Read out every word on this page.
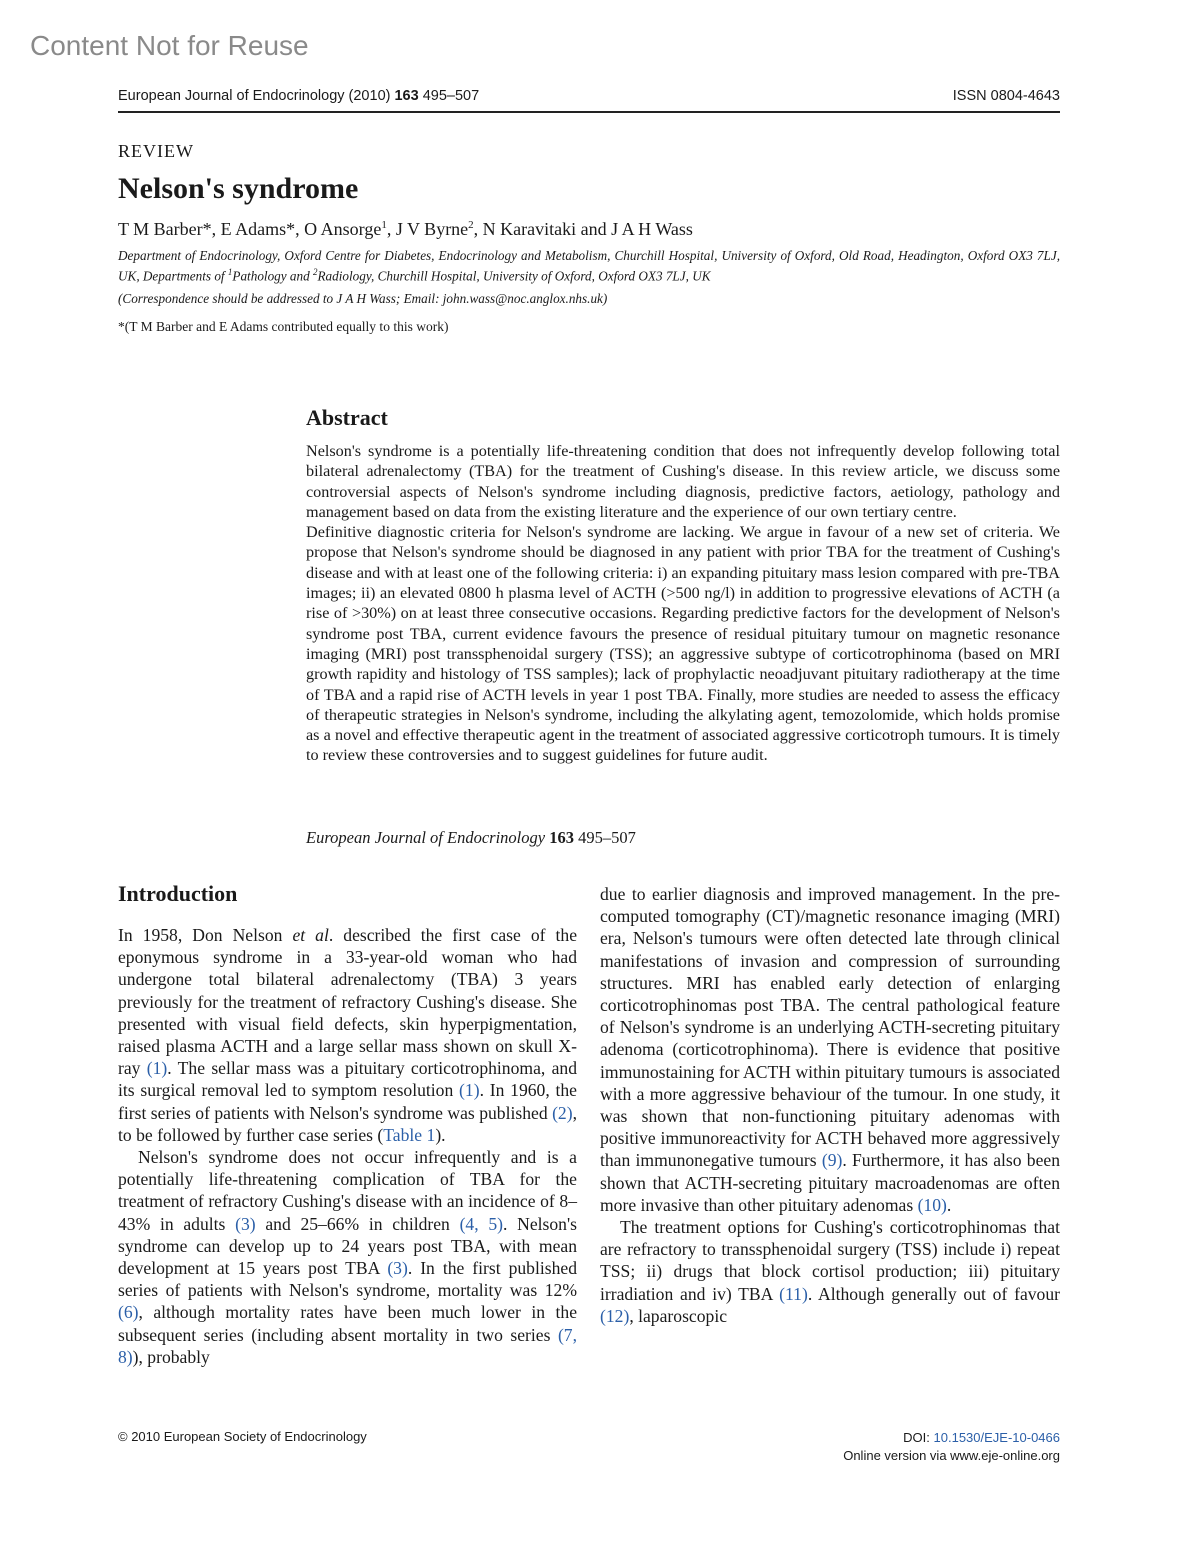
Content Not for Reuse
European Journal of Endocrinology (2010) 163 495–507	ISSN 0804-4643
REVIEW
Nelson's syndrome
T M Barber*, E Adams*, O Ansorge$^1$, J V Byrne$^2$, N Karavitaki and J A H Wass
Department of Endocrinology, Oxford Centre for Diabetes, Endocrinology and Metabolism, Churchill Hospital, University of Oxford, Old Road, Headington, Oxford OX3 7LJ, UK, Departments of $^1$Pathology and $^2$Radiology, Churchill Hospital, University of Oxford, Oxford OX3 7LJ, UK
(Correspondence should be addressed to J A H Wass; Email: john.wass@noc.anglox.nhs.uk)
*(T M Barber and E Adams contributed equally to this work)
Abstract

Nelson's syndrome is a potentially life-threatening condition that does not infrequently develop following total bilateral adrenalectomy (TBA) for the treatment of Cushing's disease. In this review article, we discuss some controversial aspects of Nelson's syndrome including diagnosis, predictive factors, aetiology, pathology and management based on data from the existing literature and the experience of our own tertiary centre.

Definitive diagnostic criteria for Nelson's syndrome are lacking. We argue in favour of a new set of criteria. We propose that Nelson's syndrome should be diagnosed in any patient with prior TBA for the treatment of Cushing's disease and with at least one of the following criteria: i) an expanding pituitary mass lesion compared with pre-TBA images; ii) an elevated 0800 h plasma level of ACTH (>500 ng/l) in addition to progressive elevations of ACTH (a rise of >30%) on at least three consecutive occasions. Regarding predictive factors for the development of Nelson's syndrome post TBA, current evidence favours the presence of residual pituitary tumour on magnetic resonance imaging (MRI) post transsphenoidal surgery (TSS); an aggressive subtype of corticotrophinoma (based on MRI growth rapidity and histology of TSS samples); lack of prophylactic neoadjuvant pituitary radiotherapy at the time of TBA and a rapid rise of ACTH levels in year 1 post TBA. Finally, more studies are needed to assess the efficacy of therapeutic strategies in Nelson's syndrome, including the alkylating agent, temozolomide, which holds promise as a novel and effective therapeutic agent in the treatment of associated aggressive corticotroph tumours. It is timely to review these controversies and to suggest guidelines for future audit.

European Journal of Endocrinology 163 495–507
Introduction

In 1958, Don Nelson et al. described the first case of the eponymous syndrome in a 33-year-old woman who had undergone total bilateral adrenalectomy (TBA) 3 years previously for the treatment of refractory Cushing's disease. She presented with visual field defects, skin hyperpigmentation, raised plasma ACTH and a large sellar mass shown on skull X-ray (1). The sellar mass was a pituitary corticotrophinoma, and its surgical removal led to symptom resolution (1). In 1960, the first series of patients with Nelson's syndrome was published (2), to be followed by further case series (Table 1).

Nelson's syndrome does not occur infrequently and is a potentially life-threatening complication of TBA for the treatment of refractory Cushing's disease with an incidence of 8–43% in adults (3) and 25–66% in children (4, 5). Nelson's syndrome can develop up to 24 years post TBA, with mean development at 15 years post TBA (3). In the first published series of patients with Nelson's syndrome, mortality was 12% (6), although mortality rates have been much lower in the subsequent series (including absent mortality in two series (7, 8)), probably

due to earlier diagnosis and improved management. In the pre-computed tomography (CT)/magnetic resonance imaging (MRI) era, Nelson's tumours were often detected late through clinical manifestations of invasion and compression of surrounding structures. MRI has enabled early detection of enlarging corticotrophinomas post TBA. The central pathological feature of Nelson's syndrome is an underlying ACTH-secreting pituitary adenoma (corticotrophinoma). There is evidence that positive immunostaining for ACTH within pituitary tumours is associated with a more aggressive behaviour of the tumour. In one study, it was shown that non-functioning pituitary adenomas with positive immunoreactivity for ACTH behaved more aggressively than immunonegative tumours (9). Furthermore, it has also been shown that ACTH-secreting pituitary macroadenomas are often more invasive than other pituitary adenomas (10).

The treatment options for Cushing's corticotrophinomas that are refractory to transsphenoidal surgery (TSS) include i) repeat TSS; ii) drugs that block cortisol production; iii) pituitary irradiation and iv) TBA (11). Although generally out of favour (12), laparoscopic

© 2010 European Society of Endocrinology	DOI: 10.1530/EJE-10-0466
Online version via www.eje-online.org
